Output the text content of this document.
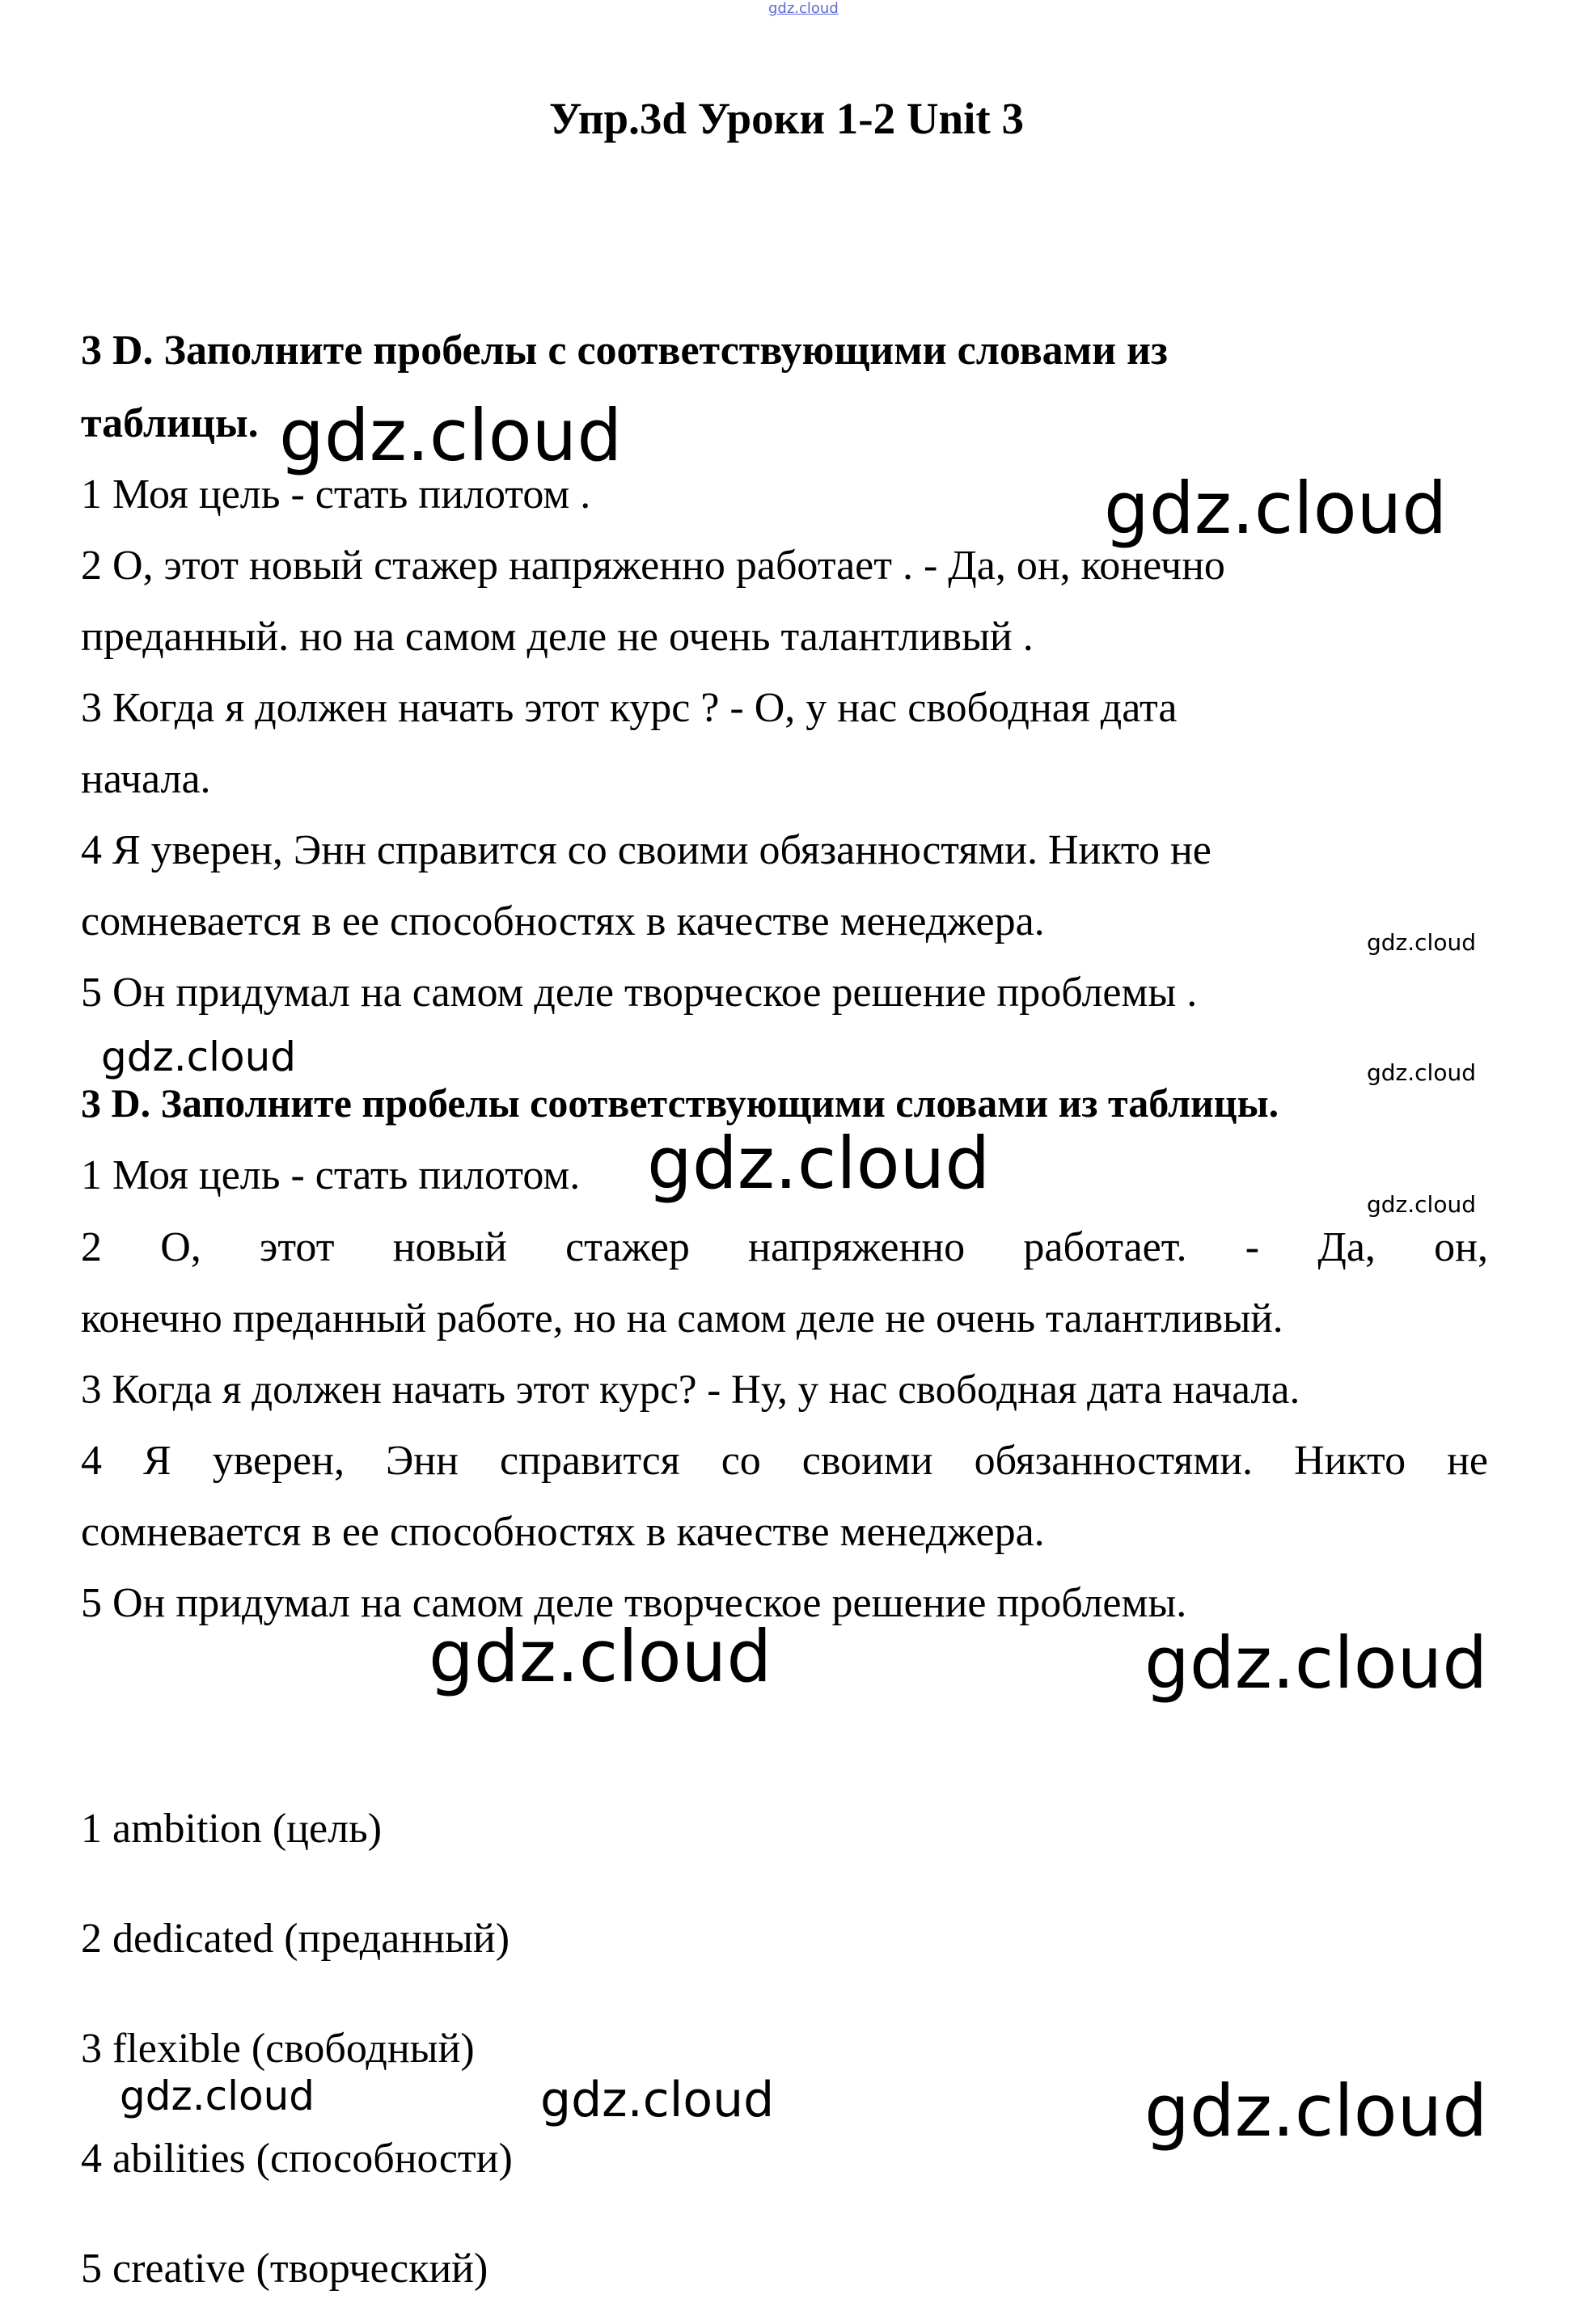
gdz.cloud
Упр.3d Уроки 1-2 Unit 3
3 D. Заполните пробелы с соответствующими словами из
таблицы.
1 Моя цель - стать пилотом .
2 О, этот новый стажер напряженно работает . - Да, он, конечно
преданный. но на самом деле не очень талантливый .
3 Когда я должен начать этот курс ? - О, у нас свободная дата
начала.
4 Я уверен, Энн справится со своими обязанностями. Никто не
сомневается в ее способностях в качестве менеджера.
5 Он придумал на самом деле творческое решение проблемы .
3 D. Заполните пробелы соответствующими словами из таблицы.
1 Моя цель - стать пилотом.
2 О, этот новый стажер напряженно работает. - Да, он,
конечно преданный работе, но на самом деле не очень талантливый.
3 Когда я должен начать этот курс? - Ну, у нас свободная дата начала.
4 Я уверен, Энн справится со своими обязанностями. Никто не
сомневается в ее способностях в качестве менеджера.
5 Он придумал на самом деле творческое решение проблемы.
1 ambition (цель)
2 dedicated (преданный)
3 flexible (свободный)
4 abilities (способности)
5 creative (творческий)
gdz.cloud
gdz.cloud
gdz.cloud
gdz.cloud	gdz.cloud
gdz.cloud	gdz.cloud
gdz.cloud	gdz.cloud
gdz.cloud	gdz.cloud	gdz.cloud
